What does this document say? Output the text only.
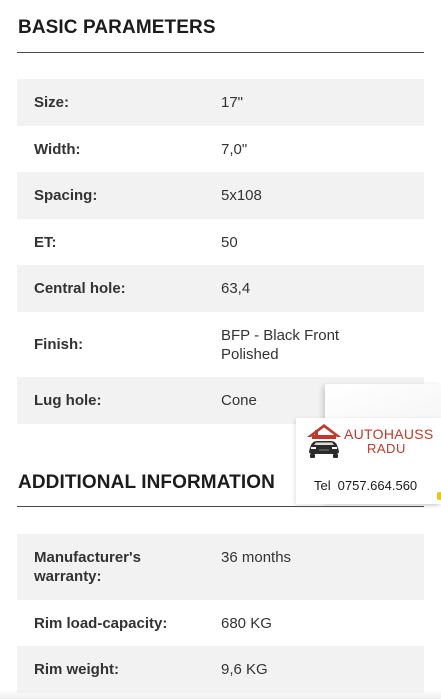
BASIC PARAMETERS
Size:	17"
Width:	7,0"
Spacing:	5x108
ET:	50
Central hole:	63,4
Finish:
BFP - Black Front Polished
Lug hole:	Cone
ADDITIONAL INFORMATION
Manufacturer's warranty:
36 months
Rim load-capacity:	680 KG
Rim weight:	9,6 KG
AUTOHAUSS
RADU
Tel 0757.664.560
